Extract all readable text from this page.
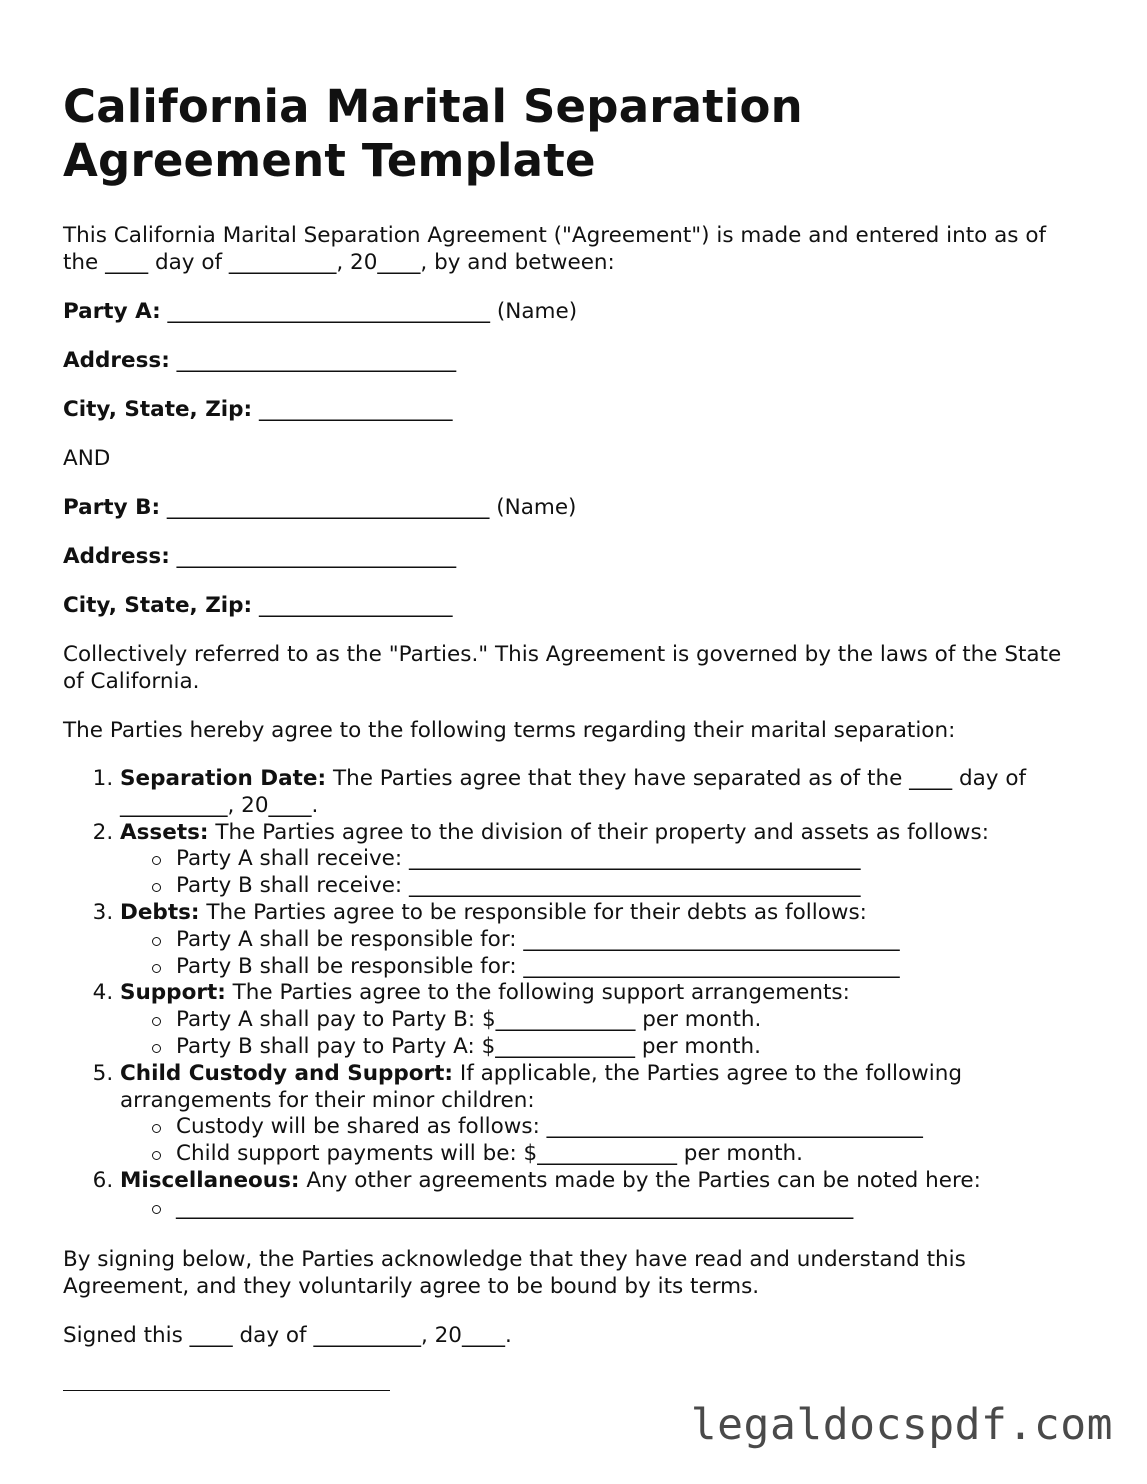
California Marital Separation
Agreement Template

This California Marital Separation Agreement ("Agreement") is made and entered into as of the ____ day of __________, 20____, by and between:

Party A: ______________________________ (Name)

Address: __________________________

City, State, Zip: __________________

AND

Party B: ______________________________ (Name)

Address: __________________________

City, State, Zip: __________________

Collectively referred to as the "Parties." This Agreement is governed by the laws of the State of California.

The Parties hereby agree to the following terms regarding their marital separation:

1. Separation Date: The Parties agree that they have separated as of the ____ day of __________, 20____.
2. Assets: The Parties agree to the division of their property and assets as follows:
Party A shall receive: __________________________________________
Party B shall receive: __________________________________________
3. Debts: The Parties agree to be responsible for their debts as follows:
Party A shall be responsible for: ___________________________________
Party B shall be responsible for: ___________________________________
4. Support: The Parties agree to the following support arrangements:
Party A shall pay to Party B: $_____________ per month.
Party B shall pay to Party A: $_____________ per month.
5. Child Custody and Support: If applicable, the Parties agree to the following arrangements for their minor children:
Custody will be shared as follows: ___________________________________
Child support payments will be: $_____________ per month.
6. Miscellaneous: Any other agreements made by the Parties can be noted here:
_______________________________________________________________

By signing below, the Parties acknowledge that they have read and understand this Agreement, and they voluntarily agree to be bound by its terms.

Signed this ____ day of __________, 20____.

legaldocspdf.com
